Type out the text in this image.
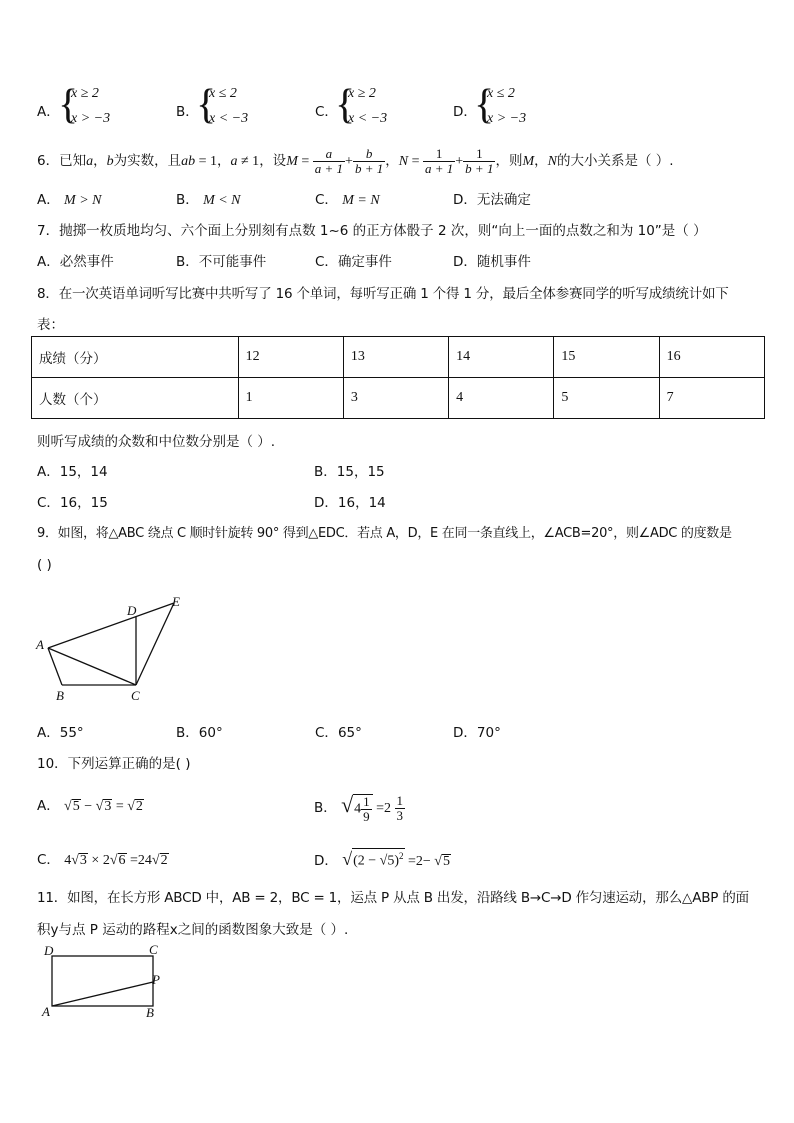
A．
{
x ≥ 2
x > −3	B．
{
x ≤ 2
x < −3	C．
{
x ≥ 2
x < −3	D．
{
x ≤ 2
x > −3
6．已知a，b为实数，且ab = 1，a ≠ 1，设$M = \frac{a}{a + 1} + \frac{b}{b + 1}$ ，$N = \frac{1}{a + 1} + \frac{1}{b + 1}$ ，则M，N的大小关系是（ ）.
A． M > N	B． M < N	C． M = N	D．无法确定
7．抛掷一枚质地均匀、六个面上分别刻有点数 1~6 的正方体骰子 2 次，则“向上一面的点数之和为 10”是（ ）
A．必然事件	B．不可能事件	C．确定事件	D．随机事件
8．在一次英语单词听写比赛中共听写了 16 个单词，每听写正确 1 个得 1 分，最后全体参赛同学的听写成绩统计如下
表：
成绩（分）	12	13	14	15	16
人数（个）	1	3	4	5	7
则听写成绩的众数和中位数分别是（ ）.
A．15，14	B．15，15
C．16，15	D．16，14
9．如图，将△ABC 绕点 C 顺时针旋转 90° 得到△EDC．若点 A，D，E 在同一条直线上，∠ACB=20°，则∠ADC 的度数是
( )
A
B	C
D
E
A．55°	B．60°	C．65°	D．70°
10．下列运算正确的是( )
A． √5 − √3 = √2	B． $√4 \frac{1}{9} =2 \frac{1}{3}$
C． 4√3 × 2√6 =24√2	D． $√(2 - √5)^2 =2- √5$
11．如图，在长方形 ABCD 中，AB = 2，BC = 1，运点 P 从点 B 出发，沿路线 B→C→D 作匀速运动，那么△ABP 的面
积y与点 P 运动的路程x之间的函数图象大致是（ ）.
D	C
P
A	B
